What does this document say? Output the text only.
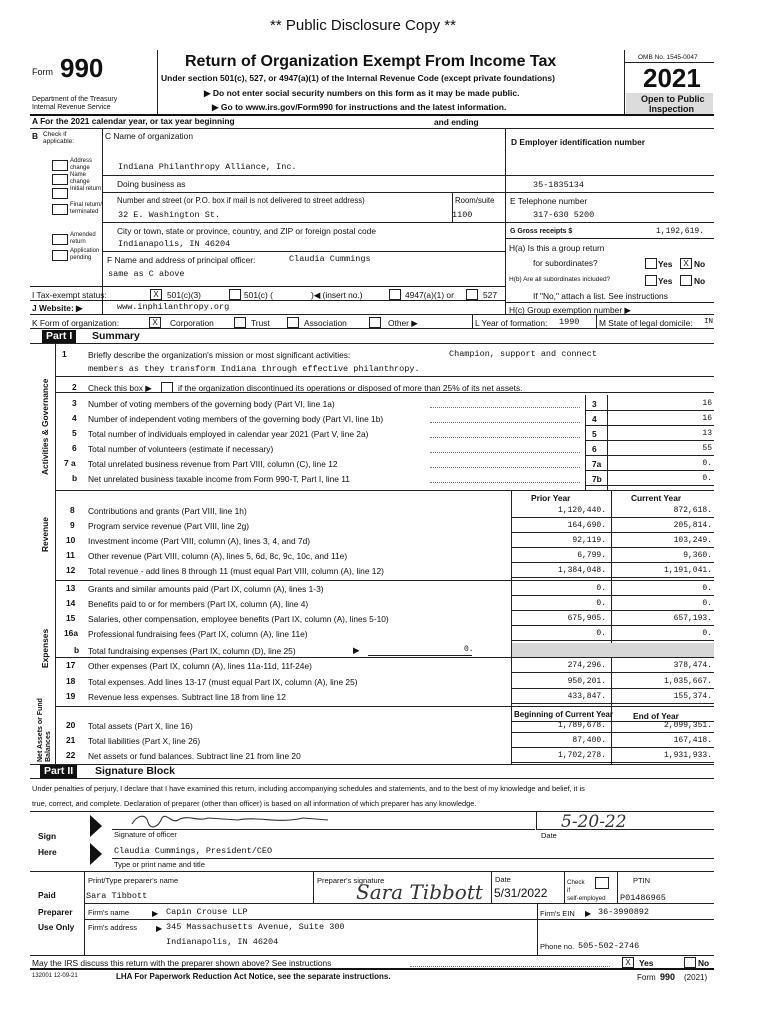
** Public Disclosure Copy **
Form 990
Department of the Treasury
Internal Revenue Service
Return of Organization Exempt From Income Tax
Under section 501(c), 527, or 4947(a)(1) of the Internal Revenue Code (except private foundations)
▶ Do not enter social security numbers on this form as it may be made public.
▶ Go to www.irs.gov/Form990 for instructions and the latest information.
OMB No. 1545-0047
2021
Open to Public
Inspection
A For the 2021 calendar year, or tax year beginning	and ending
B Check if
applicable:
C Name of organization
Indiana Philanthropy Alliance, Inc.
Doing business as
Number and street (or P.O. box if mail is not delivered to street address)	Room/suite
32 E. Washington St.	1100
City or town, state or province, country, and ZIP or foreign postal code
Indianapolis, IN 46204
F Name and address of principal officer:	Claudia Cummings
same as C above
D Employer identification number
35-1835134
E Telephone number
317-630 5200
G Gross receipts $	1,192,619.
H(a) Is this a group return
for subordinates?	Yes	X No
H(b) Are all subordinates included?	Yes	No
If "No," attach a list. See instructions
H(c) Group exemption number ▶
I Tax-exempt status:	X 501(c)(3)	501(c) (	)◀ (insert no.)	4947(a)(1) or	527
J Website: ▶	www.inphilanthropy.org
K Form of organization:	X	Corporation	Trust	Association	Other ▶	L Year of formation: 1990 M State of legal domicile: IN
Part I	Summary
Activities & Governance
Revenue
Expenses
Net Assets or Fund Balances
1	Briefly describe the organization's mission or most significant activities:	Champion, support and connect
members as they transform Indiana through effective philanthropy.
2 Check this box ▶	if the organization discontinued its operations or disposed of more than 25% of its net assets.
Prior Year	Current Year
b Total fundraising expenses (Part IX, column (D), line 25)	▶	0.
Beginning of Current Year End of Year
Part II	Signature Block
Under penalties of perjury, I declare that I have examined this return, including accompanying schedules and statements, and to the best of my knowledge and belief, it is
true, correct, and complete. Declaration of preparer (other than officer) is based on all information of which preparer has any knowledge.
Sign
Here
5-20-22
Signature of officer	Date
Claudia Cummings, President/CEO
Type or print name and title
Paid
Preparer
Use Only
Print/Type preparer's name
Sara Tibbott
Preparer's signature
Sara Tibbott
Date
5/31/2022
Check
if
self-employed
PTIN
P01486965
Firm's name	▶ Capin Crouse LLP	Firm's EIN ▶ 36-3990892
Firm's address ▶ 345 Massachusetts Avenue, Suite 300
Indianapolis, IN 46204	Phone no. 505-502-2746
May the IRS discuss this return with the preparer shown above? See instructions	X Yes	No
132001 12-09-21	LHA For Paperwork Reduction Act Notice, see the separate instructions.	Form 990 (2021)
Address change
Name change
Initial return
Final return/ terminated
Amended return
Application pending
3 Number of voting members of the governing body (Part VI, line 1a)	3	16
4 Number of independent voting members of the governing body (Part VI, line 1b)	4	16
5 Total number of individuals employed in calendar year 2021 (Part V, line 2a)	5	13
6 Total number of volunteers (estimate if necessary)	6	55
7 a Total unrelated business revenue from Part VIII, column (C), line 12	7a	0.
b Net unrelated business taxable income from Form 990-T, Part I, line 11	7b	0.
8 Contributions and grants (Part VIII, line 1h)	1,120,440.	872,618.
9 Program service revenue (Part VIII, line 2g)	164,690.	205,814.
10 Investment income (Part VIII, column (A), lines 3, 4, and 7d)	92,119.	103,249.
11 Other revenue (Part VIII, column (A), lines 5, 6d, 8c, 9c, 10c, and 11e)	6,799.	9,360.
12 Total revenue - add lines 8 through 11 (must equal Part VIII, column (A), line 12)	1,384,048.	1,191,041.
13 Grants and similar amounts paid (Part IX, column (A), lines 1-3)	0.	0.
14 Benefits paid to or for members (Part IX, column (A), line 4)	0.	0.
15 Salaries, other compensation, employee benefits (Part IX, column (A), lines 5-10)	675,905.	657,193.
16a Professional fundraising fees (Part IX, column (A), line 11e)	0.	0.
17 Other expenses (Part IX, column (A), lines 11a-11d, 11f-24e)	274,296.	378,474.
18 Total expenses. Add lines 13-17 (must equal Part IX, column (A), line 25)	950,201.	1,035,667.
19 Revenue less expenses. Subtract line 18 from line 12	433,847.	155,374.
20 Total assets (Part X, line 16)	1,789,678.	2,099,351.
21 Total liabilities (Part X, line 26)	87,400.	167,418.
22 Net assets or fund balances. Subtract line 21 from line 20	1,702,278.	1,931,933.
